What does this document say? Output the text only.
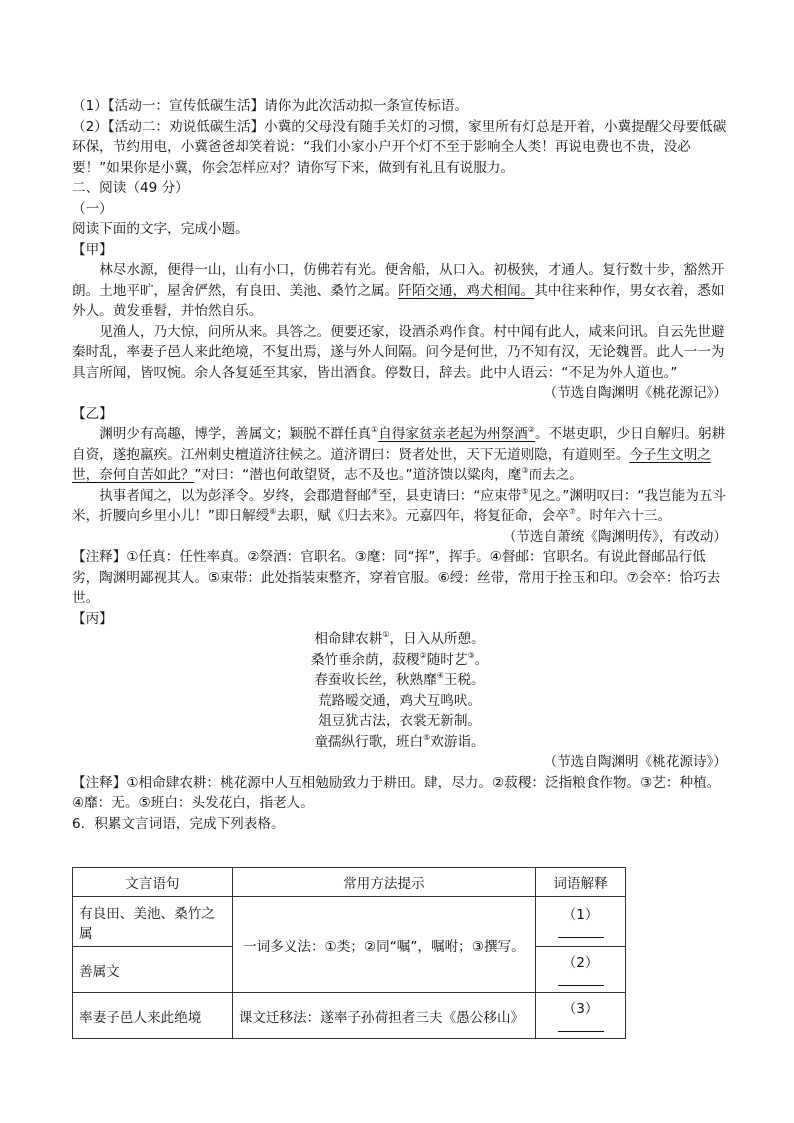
（1）【活动一：宣传低碳生活】请你为此次活动拟一条宣传标语。

（2）【活动二：劝说低碳生活】小冀的父母没有随手关灯的习惯，家里所有灯总是开着，小冀提醒父母要低碳环保，节约用电，小冀爸爸却笑着说：“我们小家小户开个灯不至于影响全人类！再说电费也不贵，没必要！”如果你是小冀，你会怎样应对？请你写下来，做到有礼且有说服力。

二、阅读（49 分）

（一）

阅读下面的文字，完成小题。

【甲】

林尽水源，便得一山，山有小口，仿佛若有光。便舍船，从口入。初极狭，才通人。复行数十步，豁然开朗。土地平旷，屋舍俨然，有良田、美池、桑竹之属。阡陌交通，鸡犬相闻。其中往来种作，男女衣着，悉如外人。黄发垂髫，并怡然自乐。

见渔人，乃大惊，问所从来。具答之。便要还家，设酒杀鸡作食。村中闻有此人，咸来问讯。自云先世避秦时乱，率妻子邑人来此绝境，不复出焉，遂与外人间隔。问今是何世，乃不知有汉，无论魏晋。此人一一为具言所闻，皆叹惋。余人各复延至其家，皆出酒食。停数日，辞去。此中人语云：“不足为外人道也。”

（节选自陶渊明《桃花源记》）

【乙】

渊明少有高趣，博学，善属文；颖脱不群任真①自得家贫亲老起为州祭酒②。不堪吏职，少日自解归。躬耕自资，遂抱羸疾。江州刺史檀道济往候之。道济谓曰：贤者处世，天下无道则隐，有道则至。今子生文明之世，奈何自苦如此？”对曰：“潜也何敢望贤，志不及也。”道济馈以粱肉，麾③而去之。

执事者闻之，以为彭泽令。岁终，会郡遣督邮④至，县吏请曰：“应束带⑤见之。”渊明叹曰：“我岂能为五斗米，折腰向乡里小儿！”即日解绶⑥去职，赋《归去来》。元嘉四年，将复征命，会卒⑦。时年六十三。

（节选自萧统《陶渊明传》，有改动）

【注释】①任真：任性率真。②祭酒：官职名。③麾：同“挥”，挥手。④督邮：官职名。有说此督邮品行低劣，陶渊明鄙视其人。⑤束带：此处指装束整齐，穿着官服。⑥绶：丝带，常用于拴玉和印。⑦会卒：恰巧去世。

【丙】

相命肆农耕①，日入从所憩。

桑竹垂余荫，菽稷②随时艺③。

春蚕收长丝，秋熟靡④王税。

荒路暧交通，鸡犬互鸣吠。

俎豆犹古法，衣裳无新制。

童孺纵行歌，班白⑤欢游诣。

（节选自陶渊明《桃花源诗》）

【注释】①相命肆农耕：桃花源中人互相勉励致力于耕田。肆，尽力。②菽稷：泛指粮食作物。③艺：种植。④靡：无。⑤班白：头发花白，指老人。

6．积累文言词语，完成下列表格。

文言语句	常用方法提示	词语解释
有良田、美池、桑竹之属	一词多义法：①类；②同“嘱”，嘱咐；③撰写。	（1）
善属文		（2）
率妻子邑人来此绝境	课文迁移法：遂率子孙荷担者三夫《愚公移山》	（3）
